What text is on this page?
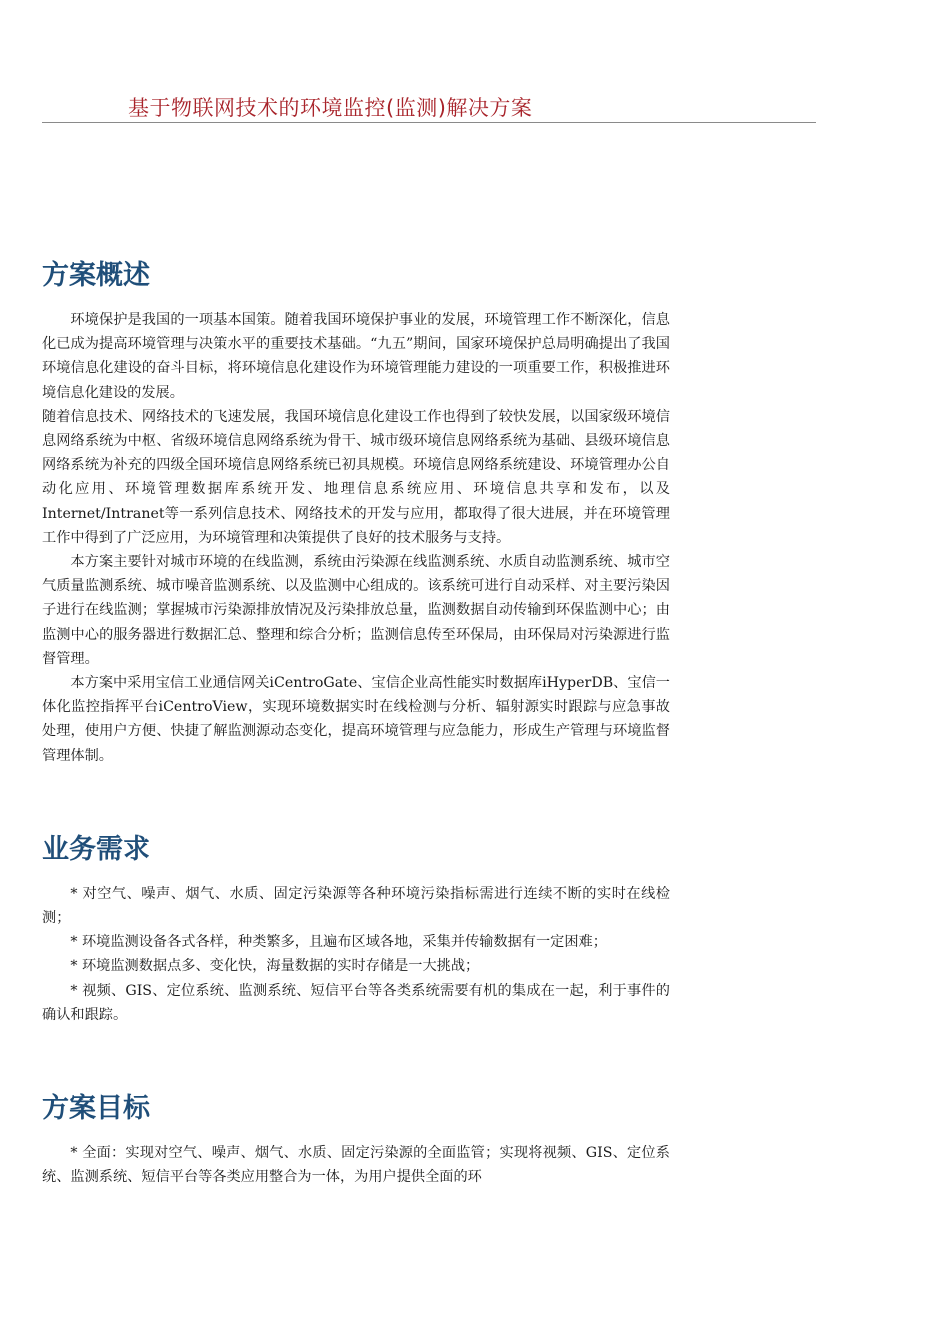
基于物联网技术的环境监控(监测)解决方案
方案概述

环境保护是我国的一项基本国策。随着我国环境保护事业的发展，环境管理工作不断深化，信息化已成为提高环境管理与决策水平的重要技术基础。“九五”期间，国家环境保护总局明确提出了我国环境信息化建设的奋斗目标，将环境信息化建设作为环境管理能力建设的一项重要工作，积极推进环境信息化建设的发展。

随着信息技术、网络技术的飞速发展，我国环境信息化建设工作也得到了较快发展，以国家级环境信息网络系统为中枢、省级环境信息网络系统为骨干、城市级环境信息网络系统为基础、县级环境信息网络系统为补充的四级全国环境信息网络系统已初具规模。环境信息网络系统建设、环境管理办公自动化应用、环境管理数据库系统开发、地理信息系统应用、环境信息共享和发布，以及Internet/Intranet等一系列信息技术、网络技术的开发与应用，都取得了很大进展，并在环境管理工作中得到了广泛应用，为环境管理和决策提供了良好的技术服务与支持。

本方案主要针对城市环境的在线监测，系统由污染源在线监测系统、水质自动监测系统、城市空气质量监测系统、城市噪音监测系统、以及监测中心组成的。该系统可进行自动采样、对主要污染因子进行在线监测；掌握城市污染源排放情况及污染排放总量，监测数据自动传输到环保监测中心；由监测中心的服务器进行数据汇总、整理和综合分析；监测信息传至环保局，由环保局对污染源进行监督管理。

本方案中采用宝信工业通信网关iCentroGate、宝信企业高性能实时数据库iHyperDB、宝信一体化监控指挥平台iCentroView，实现环境数据实时在线检测与分析、辐射源实时跟踪与应急事故处理，使用户方便、快捷了解监测源动态变化，提高环境管理与应急能力，形成生产管理与环境监督管理体制。

业务需求

* 对空气、噪声、烟气、水质、固定污染源等各种环境污染指标需进行连续不断的实时在线检测；

* 环境监测设备各式各样，种类繁多，且遍布区域各地，采集并传输数据有一定困难；

* 环境监测数据点多、变化快，海量数据的实时存储是一大挑战；

* 视频、GIS、定位系统、监测系统、短信平台等各类系统需要有机的集成在一起，利于事件的确认和跟踪。

方案目标

* 全面：实现对空气、噪声、烟气、水质、固定污染源的全面监管；实现将视频、GIS、定位系统、监测系统、短信平台等各类应用整合为一体，为用户提供全面的环
